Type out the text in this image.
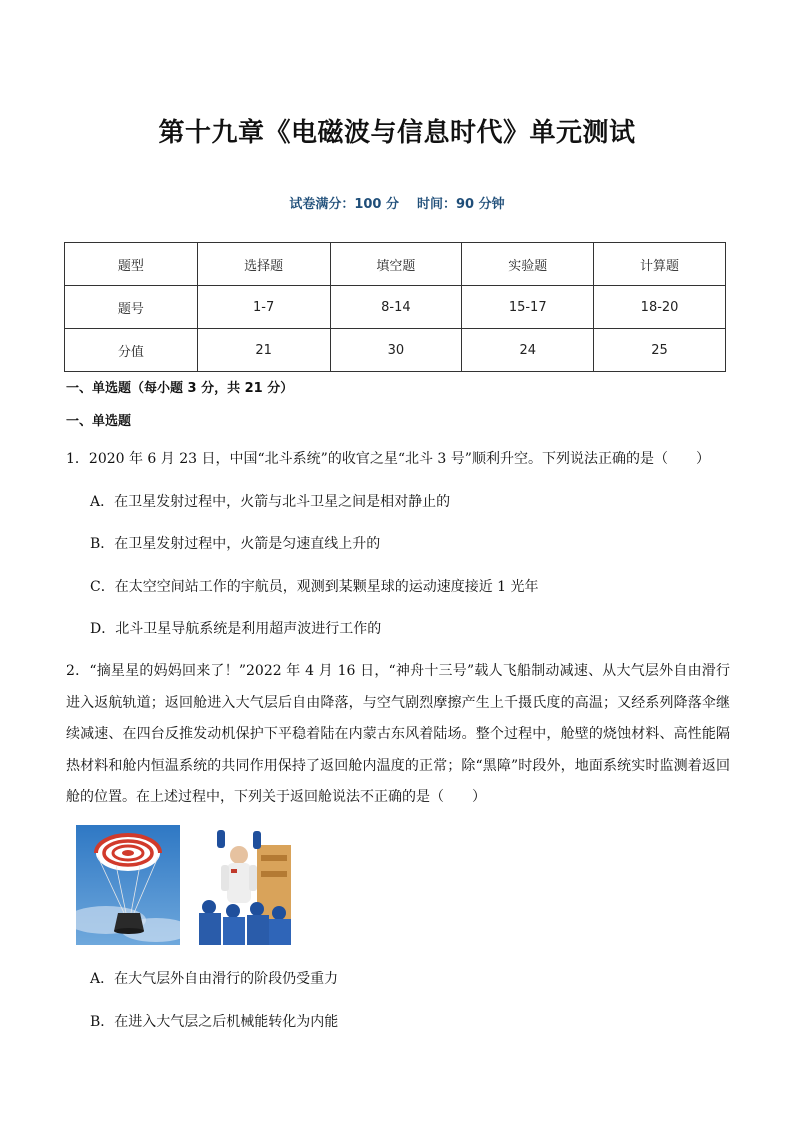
第十九章《电磁波与信息时代》单元测试
试卷满分：100 分 时间：90 分钟
题型	选择题	填空题	实验题	计算题
题号	1-7	8-14	15-17	18-20
分值	21	30	24	25
一、单选题（每小题 3 分，共 21 分）
一、单选题
1．2020 年 6 月 23 日，中国“北斗系统”的收官之星“北斗 3 号”顺利升空。下列说法正确的是（　　）
A．在卫星发射过程中，火箭与北斗卫星之间是相对静止的
B．在卫星发射过程中，火箭是匀速直线上升的
C．在太空空间站工作的宇航员，观测到某颗星球的运动速度接近 1 光年
D．北斗卫星导航系统是利用超声波进行工作的
2．“摘星星的妈妈回来了！”2022 年 4 月 16 日，“神舟十三号”载人飞船制动减速、从大气层外自由滑行进入返航轨道；返回舱进入大气层后自由降落，与空气剧烈摩擦产生上千摄氏度的高温；又经系列降落伞继续减速、在四台反推发动机保护下平稳着陆在内蒙古东风着陆场。整个过程中，舱壁的烧蚀材料、高性能隔热材料和舱内恒温系统的共同作用保持了返回舱内温度的正常；除“黑障”时段外，地面系统实时监测着返回舱的位置。在上述过程中，下列关于返回舱说法不正确的是（　　）
A．在大气层外自由滑行的阶段仍受重力
B．在进入大气层之后机械能转化为内能
